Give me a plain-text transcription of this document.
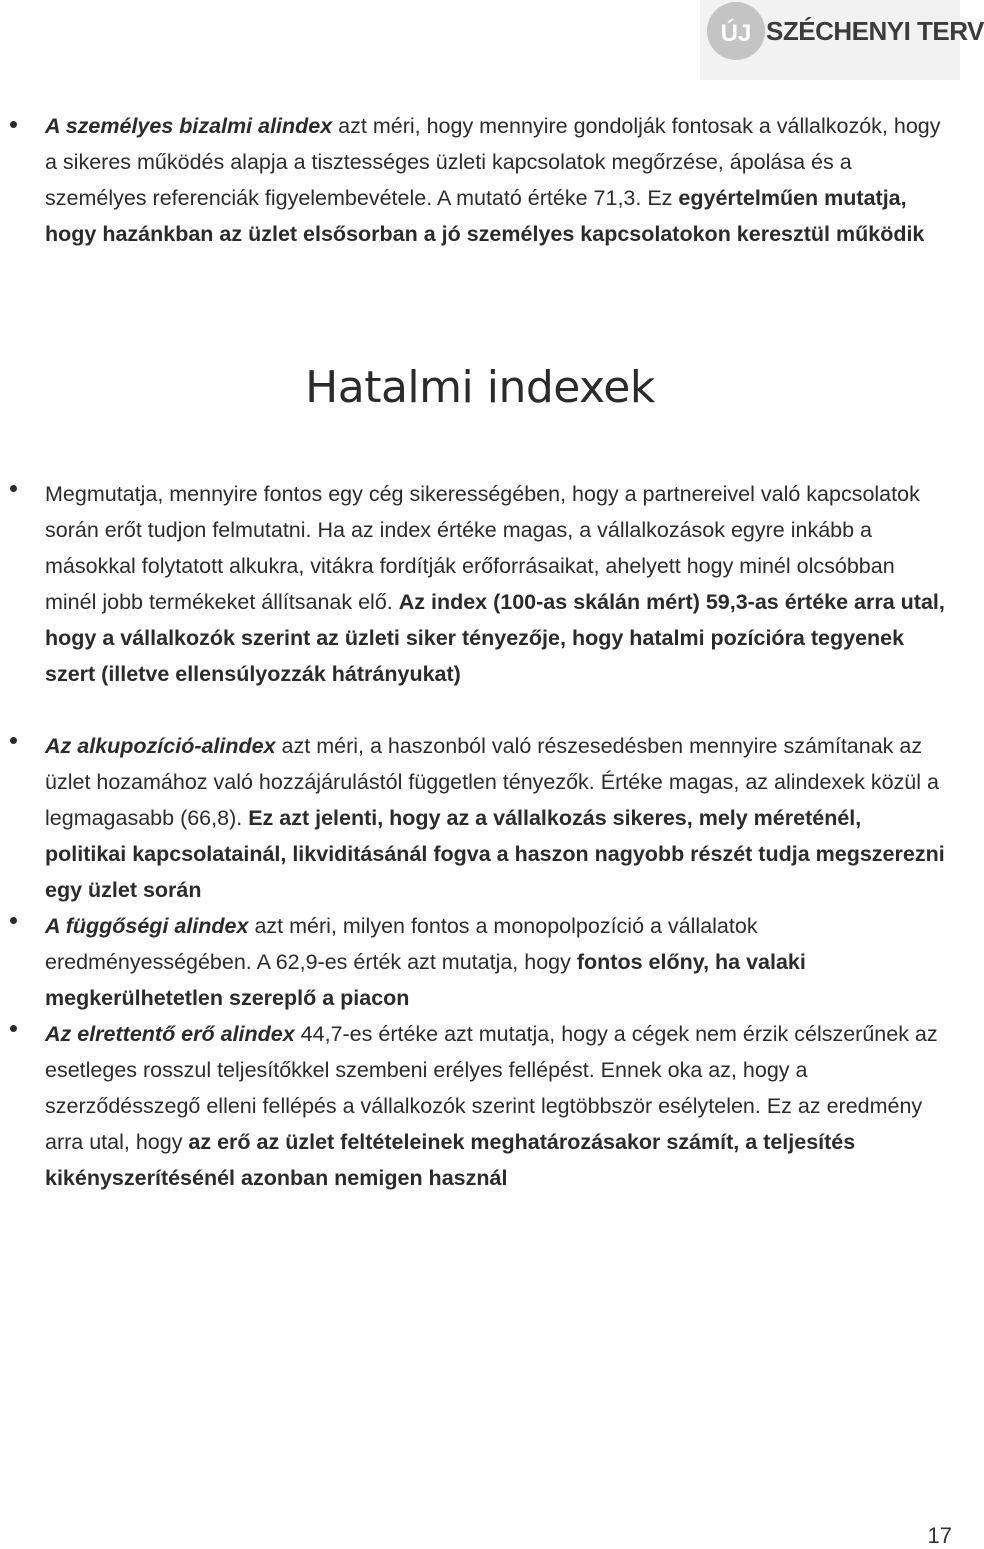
ÚJ SZÉCHENYI TERV

A személyes bizalmi alindex azt méri, hogy mennyire gondolják fontosak a vállalkozók, hogy a sikeres működés alapja a tisztességes üzleti kapcsolatok megőrzése, ápolása és a személyes referenciák figyelembevétele. A mutató értéke 71,3. Ez egyértelműen mutatja, hogy hazánkban az üzlet elsősorban a jó személyes kapcsolatokon keresztül működik

Hatalmi indexek

Megmutatja, mennyire fontos egy cég sikerességében, hogy a partnereivel való kapcsolatok során erőt tudjon felmutatni. Ha az index értéke magas, a vállalkozások egyre inkább a másokkal folytatott alkukra, vitákra fordítják erőforrásaikat, ahelyett hogy minél olcsóbban minél jobb termékeket állítsanak elő. Az index (100-as skálán mért) 59,3-as értéke arra utal, hogy a vállalkozók szerint az üzleti siker tényezője, hogy hatalmi pozícióra tegyenek szert (illetve ellensúlyozzák hátrányukat)

Az alkupozíció-alindex azt méri, a haszonból való részesedésben mennyire számítanak az üzlet hozamához való hozzájárulástól független tényezők. Értéke magas, az alindexek közül a legmagasabb (66,8). Ez azt jelenti, hogy az a vállalkozás sikeres, mely méreténél, politikai kapcsolatainál, likviditásánál fogva a haszon nagyobb részét tudja megszerezni egy üzlet során

A függőségi alindex azt méri, milyen fontos a monopolpozíció a vállalatok eredményességében. A 62,9-es érték azt mutatja, hogy fontos előny, ha valaki megkerülhetetlen szereplő a piacon

Az elrettentő erő alindex 44,7-es értéke azt mutatja, hogy a cégek nem érzik célszerűnek az esetleges rosszul teljesítőkkel szembeni erélyes fellépést. Ennek oka az, hogy a szerződésszegő elleni fellépés a vállalkozók szerint legtöbbször esélytelen. Ez az eredmény arra utal, hogy az erő az üzlet feltételeinek meghatározásakor számít, a teljesítés kikényszerítésénél azonban nemigen használ

17
